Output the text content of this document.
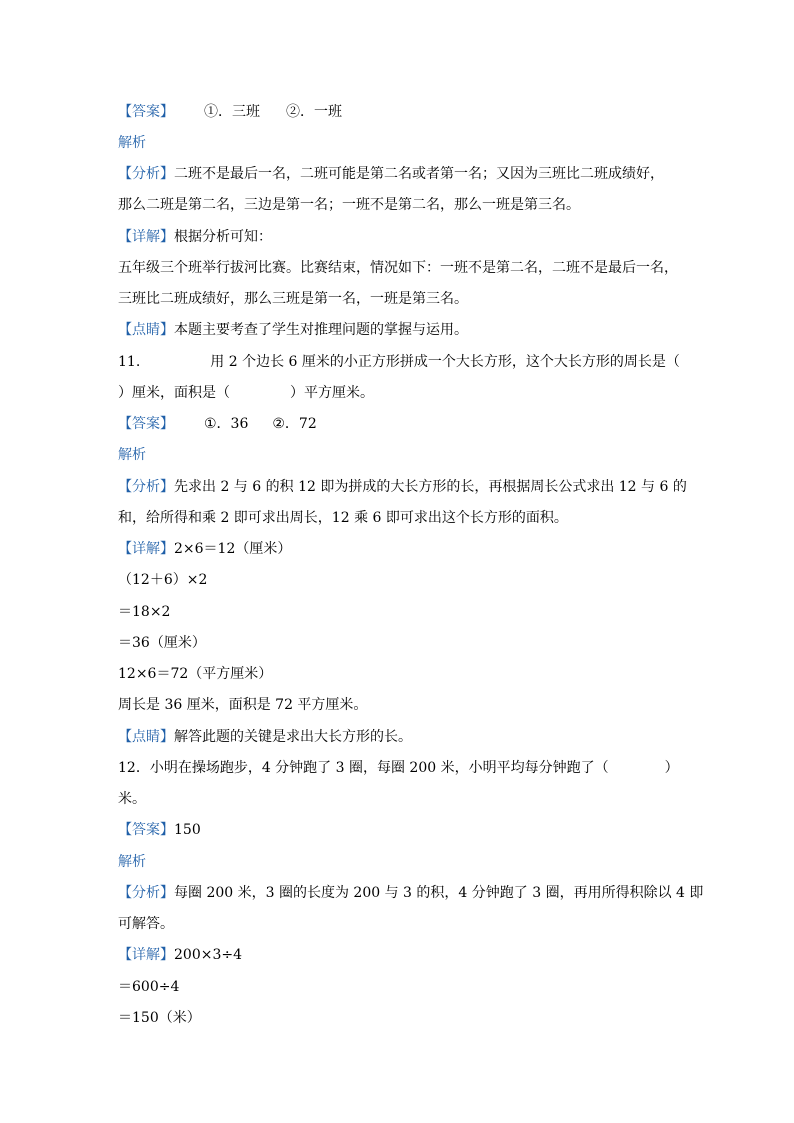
【答案】 ①．三班 ②．一班
解析
【分析】二班不是最后一名，二班可能是第二名或者第一名；又因为三班比二班成绩好，
那么二班是第二名，三边是第一名；一班不是第二名，那么一班是第三名。
【详解】根据分析可知：
五年级三个班举行拔河比赛。比赛结束，情况如下：一班不是第二名，二班不是最后一名，
三班比二班成绩好，那么三班是第一名，一班是第三名。
【点睛】本题主要考查了学生对推理问题的掌握与运用。
11.	用 2 个边长 6 厘米的小正方形拼成一个大长方形，这个大长方形的周长是（
）厘米，面积是（	）平方厘米。
【答案】 ①．36 ②．72
解析
【分析】先求出 2 与 6 的积 12 即为拼成的大长方形的长，再根据周长公式求出 12 与 6 的
和，给所得和乘 2 即可求出周长，12 乘 6 即可求出这个长方形的面积。
【详解】2×6＝12（厘米）
（12＋6）×2
＝18×2
＝36（厘米）
12×6＝72（平方厘米）
周长是 36 厘米，面积是 72 平方厘米。
【点睛】解答此题的关键是求出大长方形的长。
12．小明在操场跑步，4 分钟跑了 3 圈，每圈 200 米，小明平均每分钟跑了（	）
米。
【答案】150
解析
【分析】每圈 200 米，3 圈的长度为 200 与 3 的积，4 分钟跑了 3 圈，再用所得积除以 4 即
可解答。
【详解】200×3÷4
＝600÷4
＝150（米）
